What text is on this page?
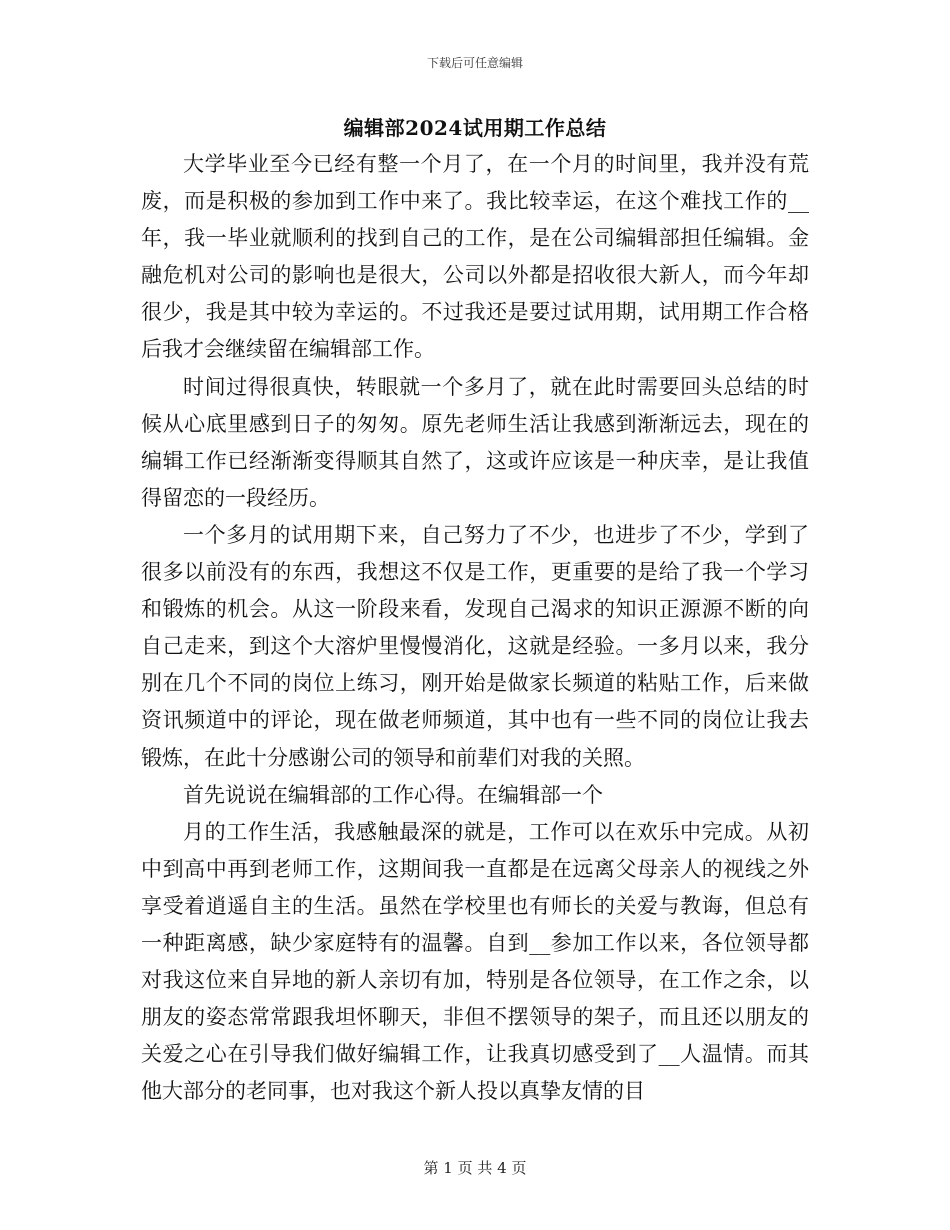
下载后可任意编辑
编辑部2024试用期工作总结

大学毕业至今已经有整一个月了，在一个月的时间里，我并没有荒废，而是积极的参加到工作中来了。我比较幸运，在这个难找工作的__年，我一毕业就顺利的找到自己的工作，是在公司编辑部担任编辑。金融危机对公司的影响也是很大，公司以外都是招收很大新人，而今年却很少，我是其中较为幸运的。不过我还是要过试用期，试用期工作合格后我才会继续留在编辑部工作。

时间过得很真快，转眼就一个多月了，就在此时需要回头总结的时候从心底里感到日子的匆匆。原先老师生活让我感到渐渐远去，现在的编辑工作已经渐渐变得顺其自然了，这或许应该是一种庆幸，是让我值得留恋的一段经历。

一个多月的试用期下来，自己努力了不少，也进步了不少，学到了很多以前没有的东西，我想这不仅是工作，更重要的是给了我一个学习和锻炼的机会。从这一阶段来看，发现自己渴求的知识正源源不断的向自己走来，到这个大溶炉里慢慢消化，这就是经验。一多月以来，我分别在几个不同的岗位上练习，刚开始是做家长频道的粘贴工作，后来做资讯频道中的评论，现在做老师频道，其中也有一些不同的岗位让我去锻炼，在此十分感谢公司的领导和前辈们对我的关照。

首先说说在编辑部的工作心得。在编辑部一个

月的工作生活，我感触最深的就是，工作可以在欢乐中完成。从初中到高中再到老师工作，这期间我一直都是在远离父母亲人的视线之外享受着逍遥自主的生活。虽然在学校里也有师长的关爱与教诲，但总有一种距离感，缺少家庭特有的温馨。自到__参加工作以来，各位领导都对我这位来自异地的新人亲切有加，特别是各位领导，在工作之余，以朋友的姿态常常跟我坦怀聊天，非但不摆领导的架子，而且还以朋友的关爱之心在引导我们做好编辑工作，让我真切感受到了__人温情。而其他大部分的老同事，也对我这个新人投以真挚友情的目

第 1 页 共 4 页
